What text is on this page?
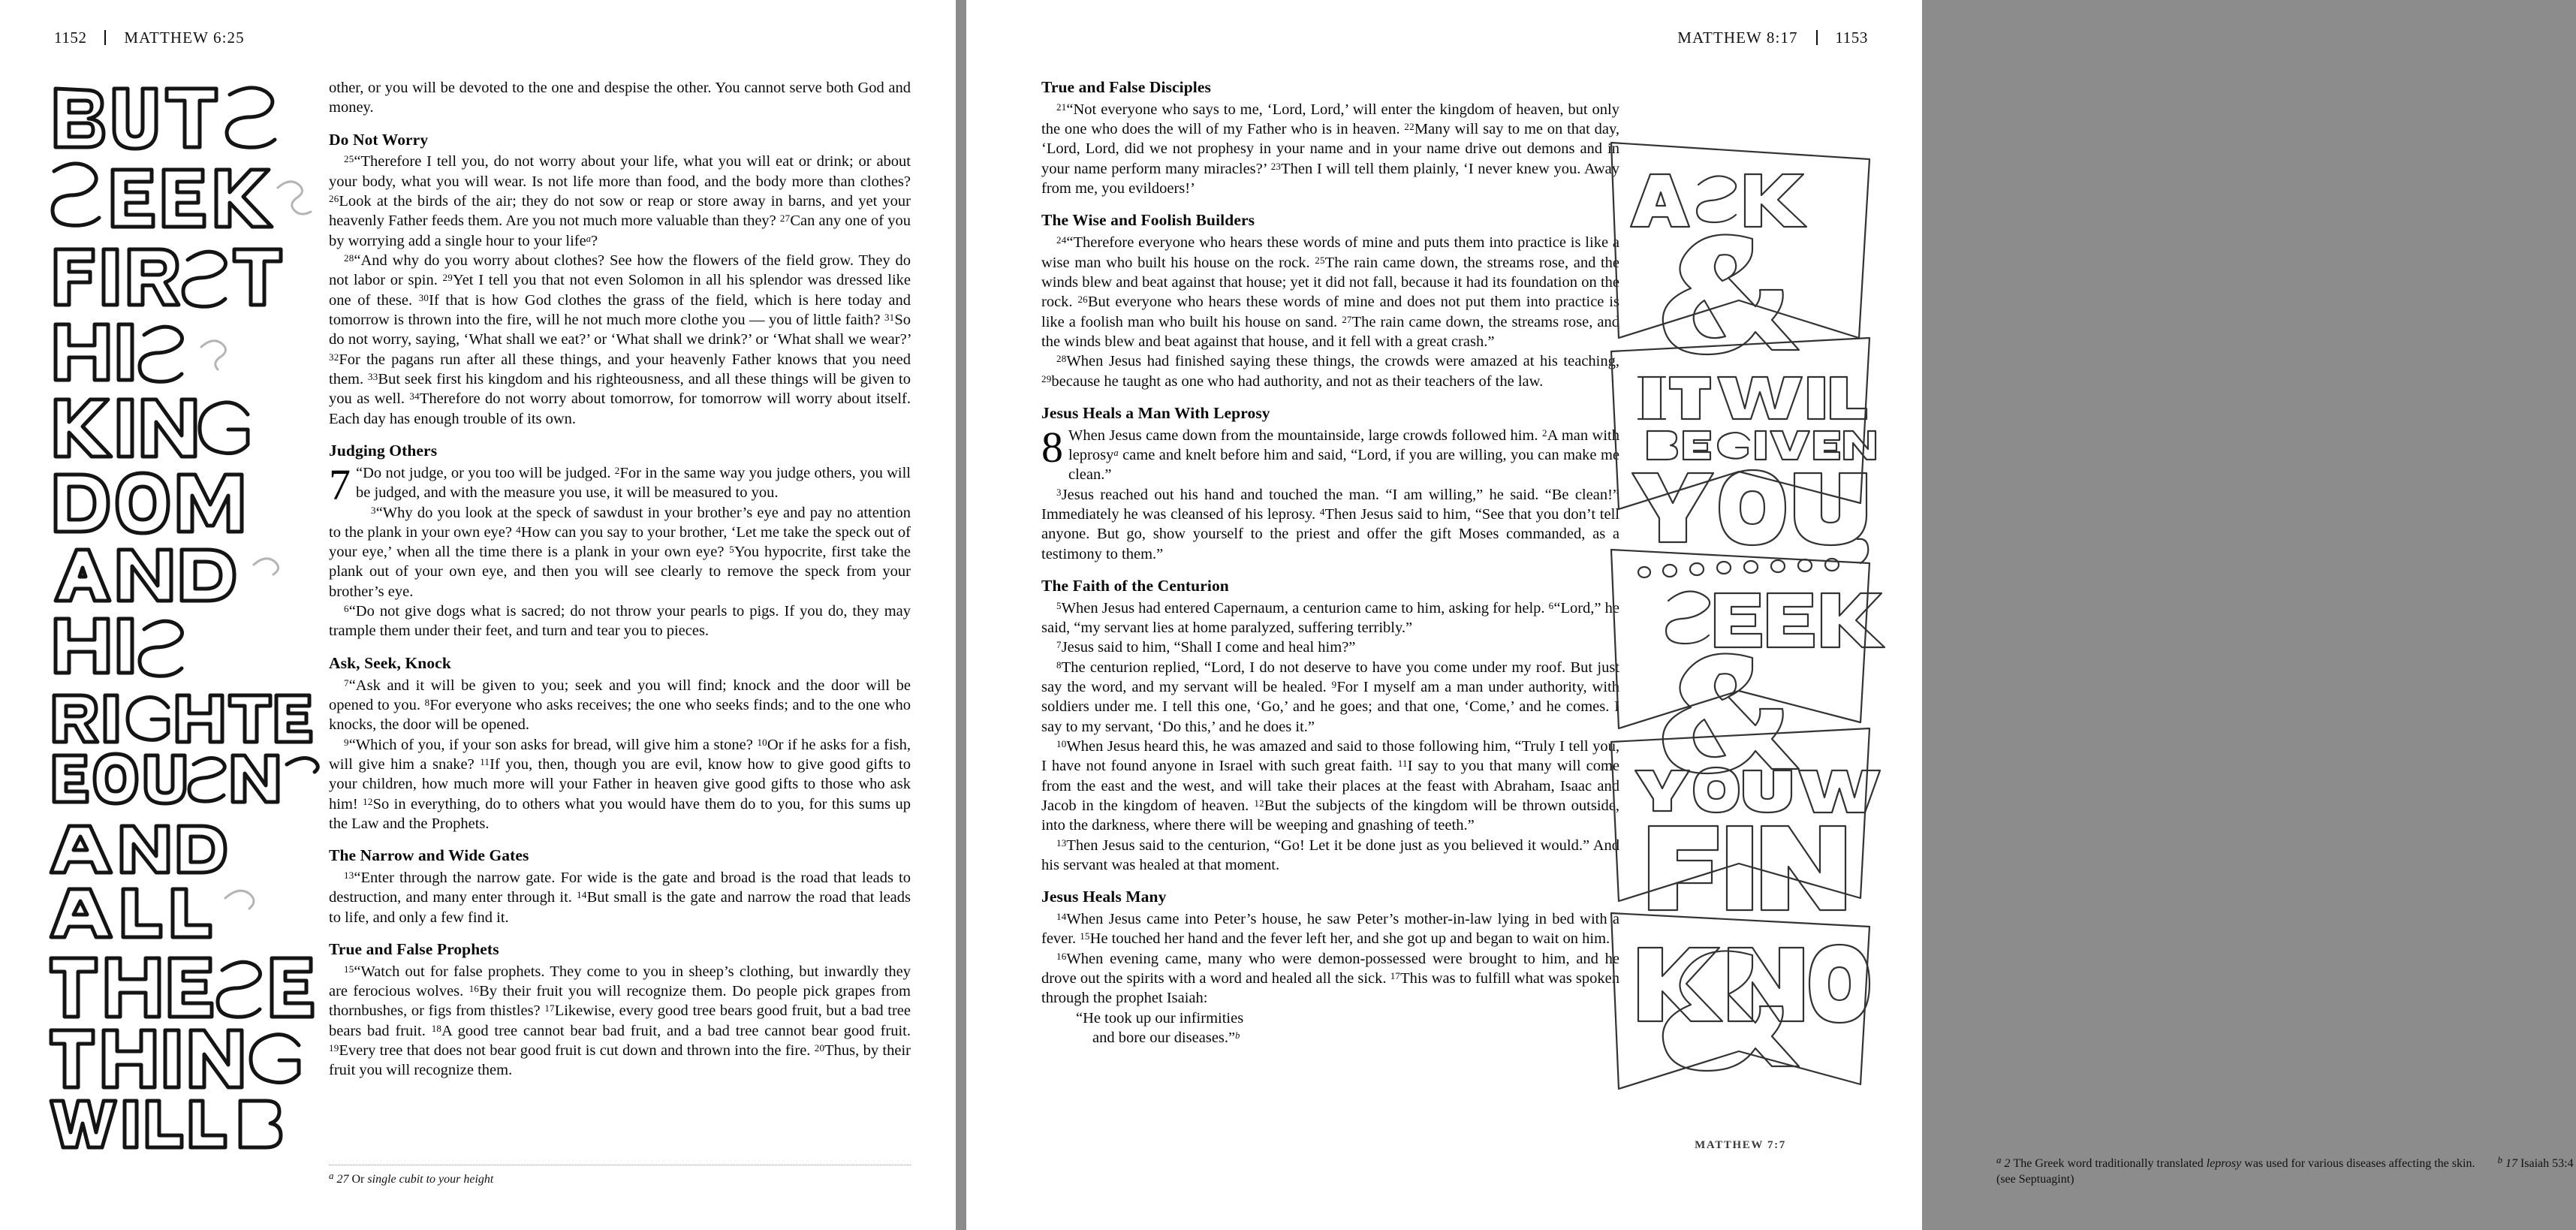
1152 MATTHEW 6:25

other, or you will be devoted to the one and despise the other. You cannot serve both God and money.

Do Not Worry

$^{25}$“Therefore I tell you, do not worry about your life, what you will eat or drink; or about your body, what you will wear. Is not life more than food, and the body more than clothes? $^{26}$Look at the birds of the air; they do not sow or reap or store away in barns, and yet your heavenly Father feeds them. Are you not much more valuable than they? $^{27}$Can any one of you by worrying add a single hour to your life$^a$?

$^{28}$“And why do you worry about clothes? See how the flowers of the field grow. They do not labor or spin. $^{29}$Yet I tell you that not even Solomon in all his splendor was dressed like one of these. $^{30}$If that is how God clothes the grass of the field, which is here today and tomorrow is thrown into the fire, will he not much more clothe you — you of little faith? $^{31}$So do not worry, saying, ‘What shall we eat?’ or ‘What shall we drink?’ or ‘What shall we wear?’ $^{32}$For the pagans run after all these things, and your heavenly Father knows that you need them. $^{33}$But seek first his kingdom and his righteousness, and all these things will be given to you as well. $^{34}$Therefore do not worry about tomorrow, for tomorrow will worry about itself. Each day has enough trouble of its own.

Judging Others

7 “Do not judge, or you too will be judged. $^2$For in the same way you judge others, you will be judged, and with the measure you use, it will be measured to you.

$^3$“Why do you look at the speck of sawdust in your brother’s eye and pay no attention to the plank in your own eye? $^4$How can you say to your brother, ‘Let me take the speck out of your eye,’ when all the time there is a plank in your own eye? $^5$You hypocrite, first take the plank out of your own eye, and then you will see clearly to remove the speck from your brother’s eye.

$^6$“Do not give dogs what is sacred; do not throw your pearls to pigs. If you do, they may trample them under their feet, and turn and tear you to pieces.

Ask, Seek, Knock

$^7$“Ask and it will be given to you; seek and you will find; knock and the door will be opened to you. $^8$For everyone who asks receives; the one who seeks finds; and to the one who knocks, the door will be opened.

$^9$“Which of you, if your son asks for bread, will give him a stone? $^{10}$Or if he asks for a fish, will give him a snake? $^{11}$If you, then, though you are evil, know how to give good gifts to your children, how much more will your Father in heaven give good gifts to those who ask him! $^{12}$So in everything, do to others what you would have them do to you, for this sums up the Law and the Prophets.

The Narrow and Wide Gates

$^{13}$“Enter through the narrow gate. For wide is the gate and broad is the road that leads to destruction, and many enter through it. $^{14}$But small is the gate and narrow the road that leads to life, and only a few find it.

True and False Prophets

$^{15}$“Watch out for false prophets. They come to you in sheep’s clothing, but inwardly they are ferocious wolves. $^{16}$By their fruit you will recognize them. Do people pick grapes from thornbushes, or figs from thistles? $^{17}$Likewise, every good tree bears good fruit, but a bad tree bears bad fruit. $^{18}$A good tree cannot bear bad fruit, and a bad tree cannot bear good fruit. $^{19}$Every tree that does not bear good fruit is cut down and thrown into the fire. $^{20}$Thus, by their fruit you will recognize them.

$^a$ 27 Or single cubit to your height
MATTHEW 8:17 1153
True and False Disciples

$^{21}$“Not everyone who says to me, ‘Lord, Lord,’ will enter the kingdom of heaven, but only the one who does the will of my Father who is in heaven. $^{22}$Many will say to me on that day, ‘Lord, Lord, did we not prophesy in your name and in your name drive out demons and in your name perform many miracles?’ $^{23}$Then I will tell them plainly, ‘I never knew you. Away from me, you evildoers!’

The Wise and Foolish Builders

$^{24}$“Therefore everyone who hears these words of mine and puts them into practice is like a wise man who built his house on the rock. $^{25}$The rain came down, the streams rose, and the winds blew and beat against that house; yet it did not fall, because it had its foundation on the rock. $^{26}$But everyone who hears these words of mine and does not put them into practice is like a foolish man who built his house on sand. $^{27}$The rain came down, the streams rose, and the winds blew and beat against that house, and it fell with a great crash.”

$^{28}$When Jesus had finished saying these things, the crowds were amazed at his teaching, $^{29}$because he taught as one who had authority, and not as their teachers of the law.

Jesus Heals a Man With Leprosy

8 When Jesus came down from the mountainside, large crowds followed him. $^2$A man with leprosy$^a$ came and knelt before him and said, “Lord, if you are willing, you can make me clean.”

$^3$Jesus reached out his hand and touched the man. “I am willing,” he said. “Be clean!” Immediately he was cleansed of his leprosy. $^4$Then Jesus said to him, “See that you don’t tell anyone. But go, show yourself to the priest and offer the gift Moses commanded, as a testimony to them.”

The Faith of the Centurion

$^5$When Jesus had entered Capernaum, a centurion came to him, asking for help. $^6$“Lord,” he said, “my servant lies at home paralyzed, suffering terribly.”

$^7$Jesus said to him, “Shall I come and heal him?”

$^8$The centurion replied, “Lord, I do not deserve to have you come under my roof. But just say the word, and my servant will be healed. $^9$For I myself am a man under authority, with soldiers under me. I tell this one, ‘Go,’ and he goes; and that one, ‘Come,’ and he comes. I say to my servant, ‘Do this,’ and he does it.”

$^{10}$When Jesus heard this, he was amazed and said to those following him, “Truly I tell you, I have not found anyone in Israel with such great faith. $^{11}$I say to you that many will come from the east and the west, and will take their places at the feast with Abraham, Isaac and Jacob in the kingdom of heaven. $^{12}$But the subjects of the kingdom will be thrown outside, into the darkness, where there will be weeping and gnashing of teeth.”

$^{13}$Then Jesus said to the centurion, “Go! Let it be done just as you believed it would.” And his servant was healed at that moment.

Jesus Heals Many

$^{14}$When Jesus came into Peter’s house, he saw Peter’s mother-in-law lying in bed with a fever. $^{15}$He touched her hand and the fever left her, and she got up and began to wait on him.

$^{16}$When evening came, many who were demon-possessed were brought to him, and he drove out the spirits with a word and healed all the sick. $^{17}$This was to fulfill what was spoken through the prophet Isaiah:

“He took up our infirmities
and bore our diseases.”$^b$

MATTHEW 7:7
$^a$ 2 The Greek word traditionally translated leprosy was used for various diseases affecting the skin. $^b$ 17 Isaiah 53:4 (see Septuagint)
